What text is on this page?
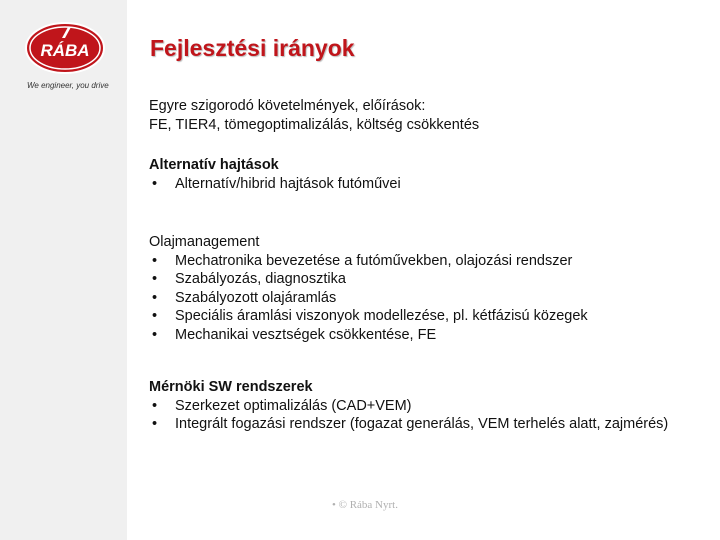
RÁBA
We engineer, you drive
Fejlesztési irányok
Egyre szigorodó követelmények, előírások:
FE, TIER4, tömegoptimalizálás, költség csökkentés
Alternatív hajtások
• Alternatív/hibrid hajtások futóművei
Olajmanagement
• Mechatronika bevezetése a futóművekben, olajozási rendszer
• Szabályozás, diagnosztika
• Szabályozott olajáramlás
• Speciális áramlási viszonyok modellezése, pl. kétfázisú közegek
• Mechanikai vesztségek csökkentése, FE
Mérnöki SW rendszerek
• Szerkezet optimalizálás (CAD+VEM)
• Integrált fogazási rendszer (fogazat generálás, VEM terhelés alatt, zajmérés)
• © Rába Nyrt.
